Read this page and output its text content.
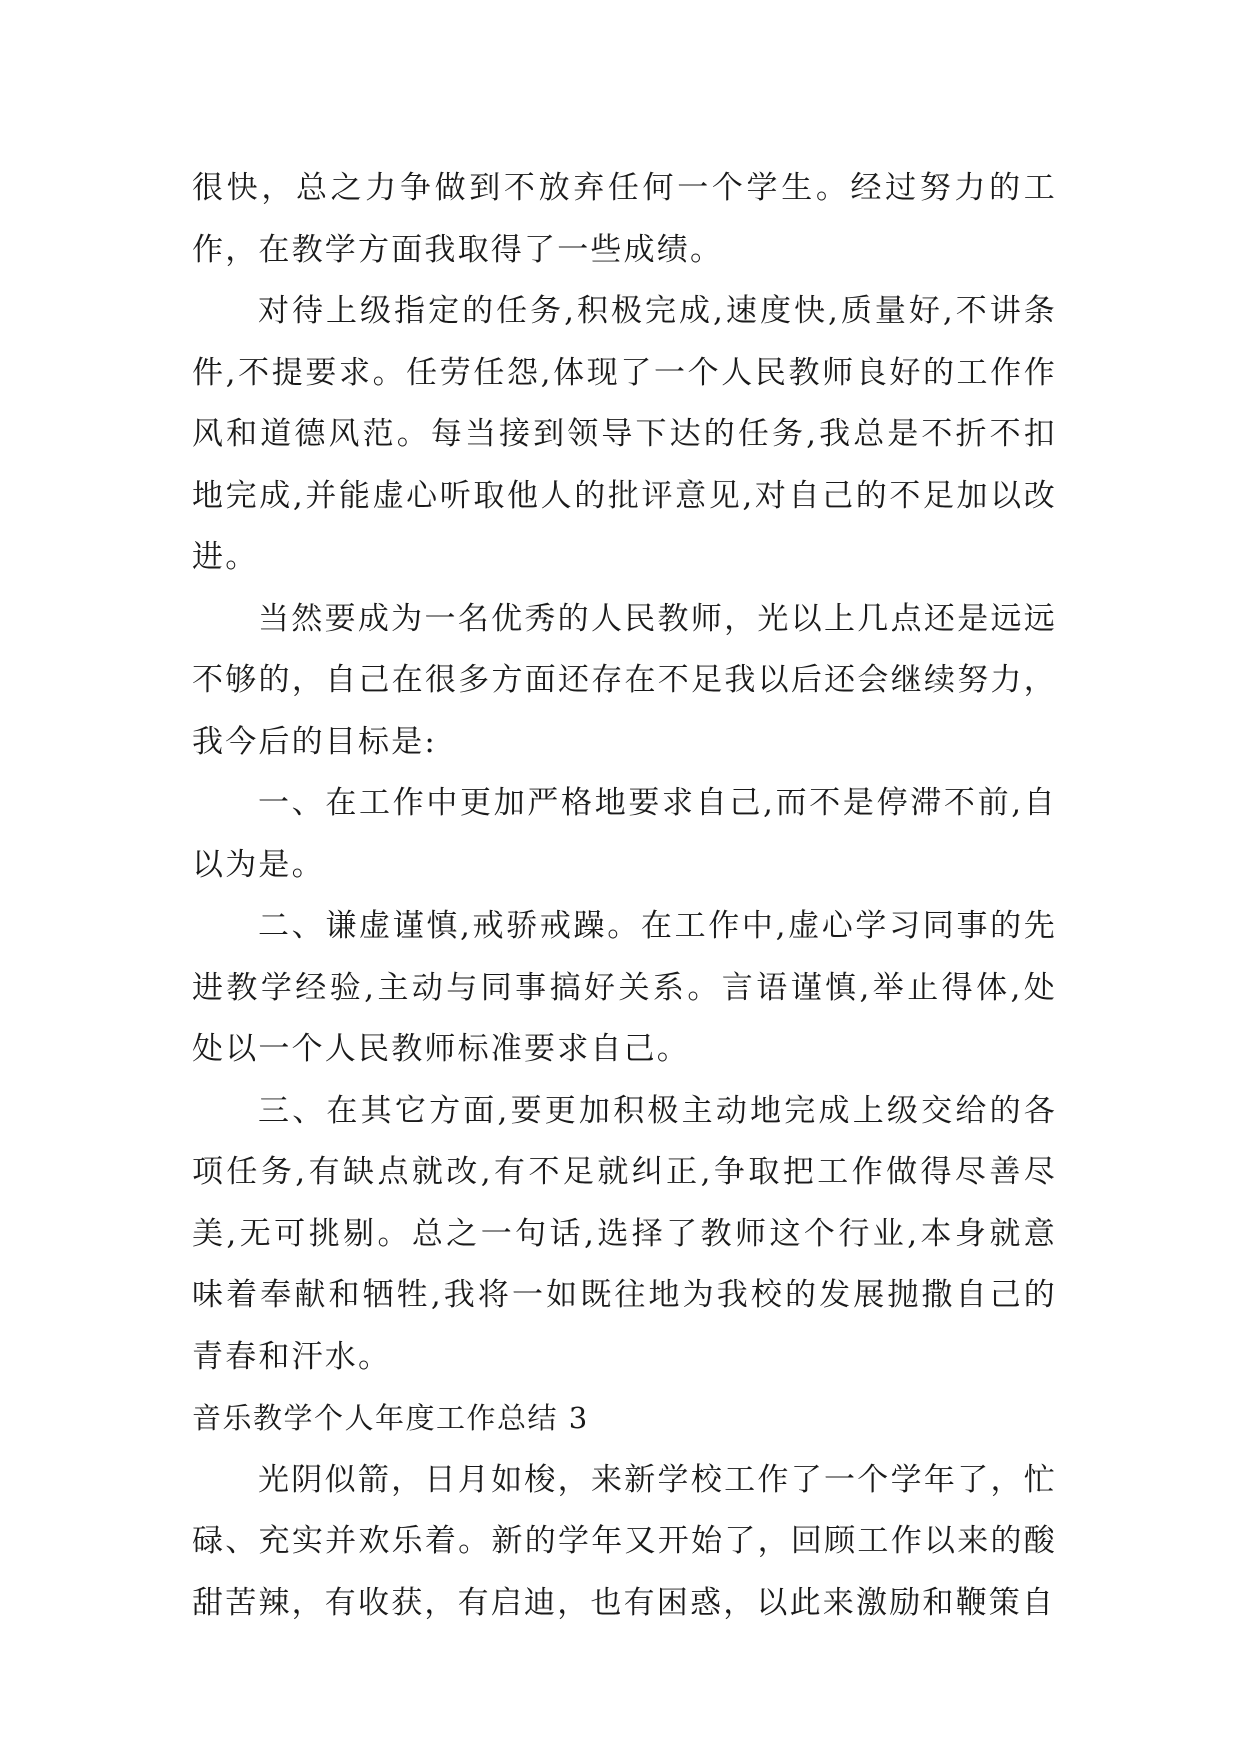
很快，总之力争做到不放弃任何一个学生。经过努力的工作，在教学方面我取得了一些成绩。

对待上级指定的任务,积极完成,速度快,质量好,不讲条件,不提要求。任劳任怨,体现了一个人民教师良好的工作作风和道德风范。每当接到领导下达的任务,我总是不折不扣地完成,并能虚心听取他人的批评意见,对自己的不足加以改进。

当然要成为一名优秀的人民教师，光以上几点还是远远不够的，自己在很多方面还存在不足我以后还会继续努力，我今后的目标是:

一、在工作中更加严格地要求自己,而不是停滞不前,自以为是。

二、谦虚谨慎,戒骄戒躁。在工作中,虚心学习同事的先进教学经验,主动与同事搞好关系。言语谨慎,举止得体,处处以一个人民教师标准要求自己。

三、在其它方面,要更加积极主动地完成上级交给的各项任务,有缺点就改,有不足就纠正,争取把工作做得尽善尽美,无可挑剔。总之一句话,选择了教师这个行业,本身就意味着奉献和牺牲,我将一如既往地为我校的发展抛撒自己的青春和汗水。

音乐教学个人年度工作总结 3

光阴似箭，日月如梭，来新学校工作了一个学年了，忙碌、充实并欢乐着。新的学年又开始了，回顾工作以来的酸甜苦辣，有收获，有启迪，也有困惑，以此来激励和鞭策自
